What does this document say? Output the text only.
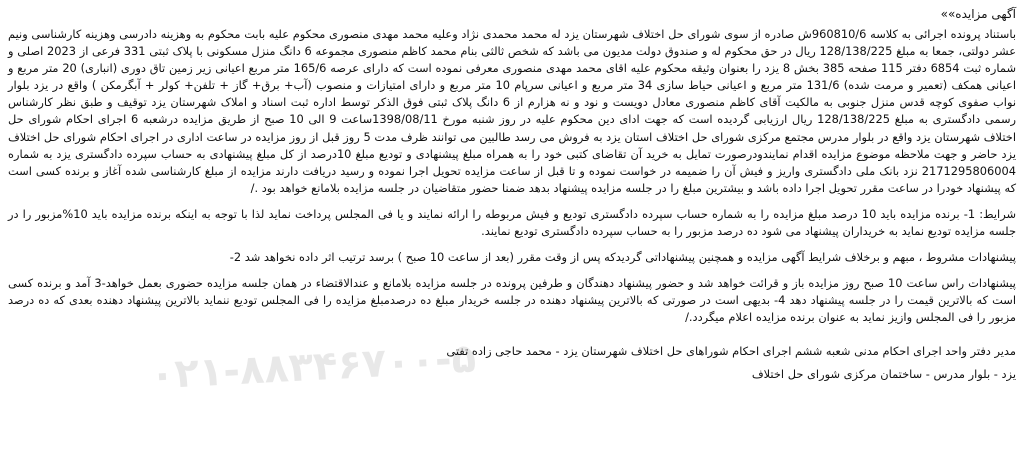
آگهی مزایده»»

باستناد پرونده اجرائی به کلاسه 960810/6ش صادره از سوی شورای حل اختلاف شهرستان یزد له محمد محمدی نژاد وعلیه محمد مهدی منصوری محکوم علیه بابت محکوم به وهزینه دادرسی وهزینه کارشناسی ونیم عشر دولتی، جمعا به مبلغ 128/138/225 ریال در حق محکوم له و صندوق دولت مدیون می باشد که شخص ثالثی بنام محمد کاظم منصوری مجموعه 6 دانگ منزل مسکونی با پلاک ثبتی 331 فرعی از 2023 اصلی و شماره ثبت 6854 دفتر 115 صفحه 385 بخش 8 یزد را بعنوان وثیقه محکوم علیه اقای محمد مهدی منصوری معرفی نموده است که دارای عرصه 165/6 متر مربع اعیانی زیر زمین تاق دوری (انباری) 20 متر مربع و اعیانی همکف (تعمیر و مرمت شده) 131/6 متر مربع و اعیانی حیاط سازی 34 متر مربع و اعیانی سرپام 10 متر مربع و دارای امتیازات و منصوب (آب+ برق+ گاز + تلفن+ کولر + آبگرمکن ) واقع در یزد بلوار نواب صفوی کوچه قدس منزل جنوبی به مالکیت آقای کاظم منصوری معادل دویست و نود و نه هزارم از 6 دانگ پلاک ثبتی فوق الذکر توسط اداره ثبت اسناد و املاک شهرستان یزد توقیف و طبق نظر کارشناس رسمی دادگستری به مبلغ 128/138/225 ریال ارزیابی گردیده است که جهت ادای دین محکوم علیه در روز شنبه مورخ 1398/08/11ساعت 9 الی 10 صبح از طریق مزایده درشعبه 6 اجرای احکام شورای حل اختلاف شهرستان یزد واقع در بلوار مدرس مجتمع مرکزی شورای حل اختلاف استان یزد به فروش می رسد طالبین می توانند ظرف مدت 5 روز قبل از روز مزایده در ساعت اداری در اجرای احکام شورای حل اختلاف یزد حاضر و جهت ملاحظه موضوع مزایده اقدام نمایندودرصورت تمایل به خرید آن تقاضای کتبی خود را به همراه مبلغ پیشنهادی و تودیع مبلغ 10درصد از کل مبلغ پیشنهادی به حساب سپرده دادگستری یزد به شماره 2171295806004 نزد بانک ملی دادگستری واریز و فیش آن را ضمیمه در خواست نموده و تا قبل از ساعت مزایده تحویل اجرا نموده و رسید دریافت دارند مزایده از مبلغ کارشناسی شده آغاز و برنده کسی است که پیشنهاد خودرا در ساعت مقرر تحویل اجرا داده باشد و بیشترین مبلغ را در جلسه مزایده پیشنهاد بدهد ضمنا حضور متقاضیان در جلسه مزایده بلامانع خواهد بود ./

شرایط: 1- برنده مزایده باید 10 درصد مبلغ مزایده را به شماره حساب سپرده دادگستری تودیع و فیش مربوطه را ارائه نمایند و یا فی المجلس پرداخت نماید لذا با توجه به اینکه برنده مزایده باید 10%مزبور را در جلسه مزایده تودیع نماید به خریداران پیشنهاد می شود ده درصد مزبور را به حساب سپرده دادگستری تودیع نمایند.

پیشنهادات مشروط ، مبهم و برخلاف شرایط آگهی مزایده و همچنین پیشنهاداتی گردیدکه پس از وقت مقرر (بعد از ساعت 10 صبح ) برسد ترتیب اثر داده نخواهد شد 2-

پیشنهادات راس ساعت 10 صبح روز مزایده باز و قرائت خواهد شد و حضور پیشنهاد دهندگان و طرفین پرونده در جلسه مزایده بلامانع و عندالاقتضاء در همان جلسه مزایده حضوری بعمل خواهد-3 آمد و برنده کسی است که بالاترین قیمت را در جلسه پیشنهاد دهد 4- بدیهی است در صورتی که بالاترین پیشنهاد دهنده در جلسه خریدار مبلغ ده درصدمبلغ مزایده را فی المجلس تودیع ننماید بالاترین پیشنهاد دهنده بعدی که ده درصد مزبور را فی المجلس وازیز نماید به عنوان برنده مزایده اعلام میگردد./

مدیر دفتر واحد اجرای احکام مدنی شعبه ششم اجرای احکام شوراهای حل اختلاف شهرستان یزد - محمد حاجی زاده تفتی
یزد - بلوار مدرس - ساختمان مرکزی شورای حل اختلاف
۰۲۱-۸۸۳۴۶۷۰۰-۵
